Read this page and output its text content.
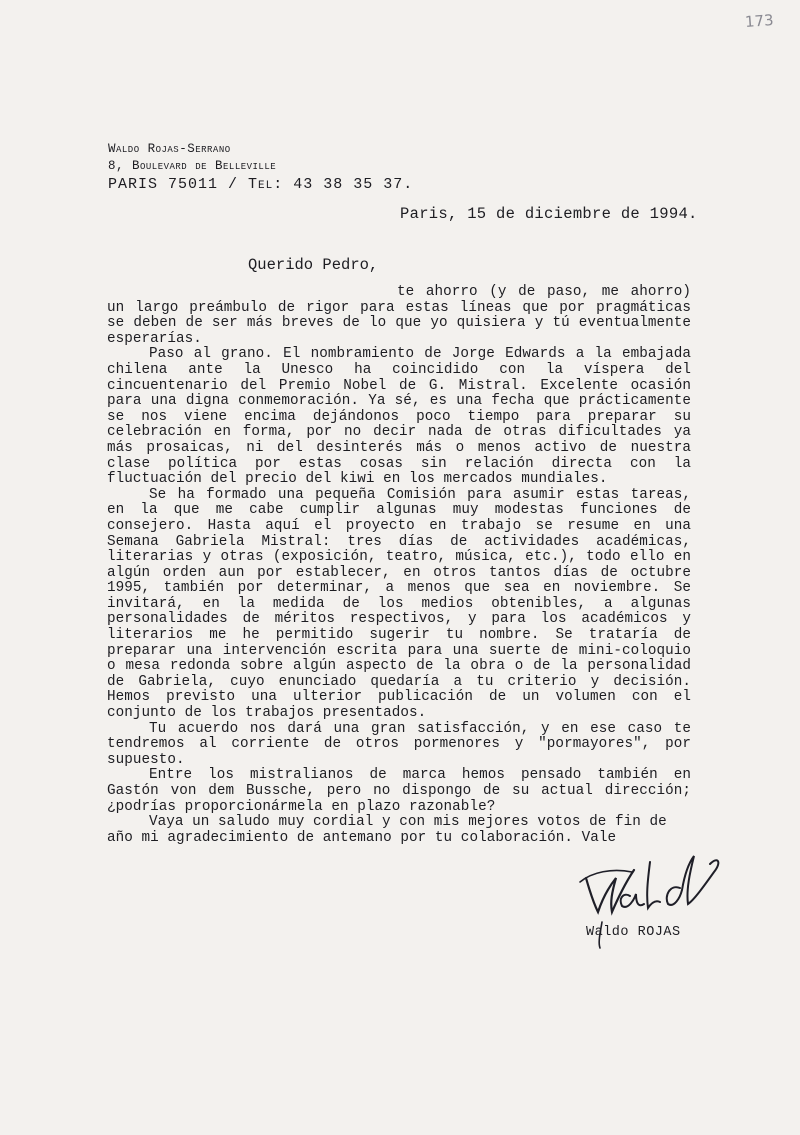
173
Waldo Rojas-Serrano
8, Boulevard de Belleville
PARIS 75011 / Tel: 43 38 35 37.
Paris, 15 de diciembre de 1994.
Querido Pedro,

te ahorro (y de paso, me ahorro) un largo preámbulo de rigor para estas líneas que por pragmáticas se deben de ser más breves de lo que yo quisiera y tú eventualmente esperarías.

Paso al grano. El nombramiento de Jorge Edwards a la embajada chilena ante la Unesco ha coincidido con la víspera del cincuentenario del Premio Nobel de G. Mistral. Excelente ocasión para una digna conmemoración. Ya sé, es una fecha que prácticamente se nos viene encima dejándonos poco tiempo para preparar su celebración en forma, por no decir nada de otras dificultades ya más prosaicas, ni del desinterés más o menos activo de nuestra clase política por estas cosas sin relación directa con la fluctuación del precio del kiwi en los mercados mundiales.

Se ha formado una pequeña Comisión para asumir estas tareas, en la que me cabe cumplir algunas muy modestas funciones de consejero. Hasta aquí el proyecto en trabajo se resume en una Semana Gabriela Mistral: tres días de actividades académicas, literarias y otras (exposición, teatro, música, etc.), todo ello en algún orden aun por establecer, en otros tantos días de octubre 1995, también por determinar, a menos que sea en noviembre. Se invitará, en la medida de los medios obtenibles, a algunas personalidades de méritos respectivos, y para los académicos y literarios me he permitido sugerir tu nombre. Se trataría de preparar una intervención escrita para una suerte de mini-coloquio o mesa redonda sobre algún aspecto de la obra o de la personalidad de Gabriela, cuyo enunciado quedaría a tu criterio y decisión. Hemos previsto una ulterior publicación de un volumen con el conjunto de los trabajos presentados.

Tu acuerdo nos dará una gran satisfacción, y en ese caso te tendremos al corriente de otros pormenores y "pormayores", por supuesto.

Entre los mistralianos de marca hemos pensado también en Gastón von dem Bussche, pero no dispongo de su actual dirección; ¿podrías proporcionármela en plazo razonable?

Vaya un saludo muy cordial y con mis mejores votos de fin de año mi agradecimiento de antemano por tu colaboración. Vale

Waldo ROJAS
